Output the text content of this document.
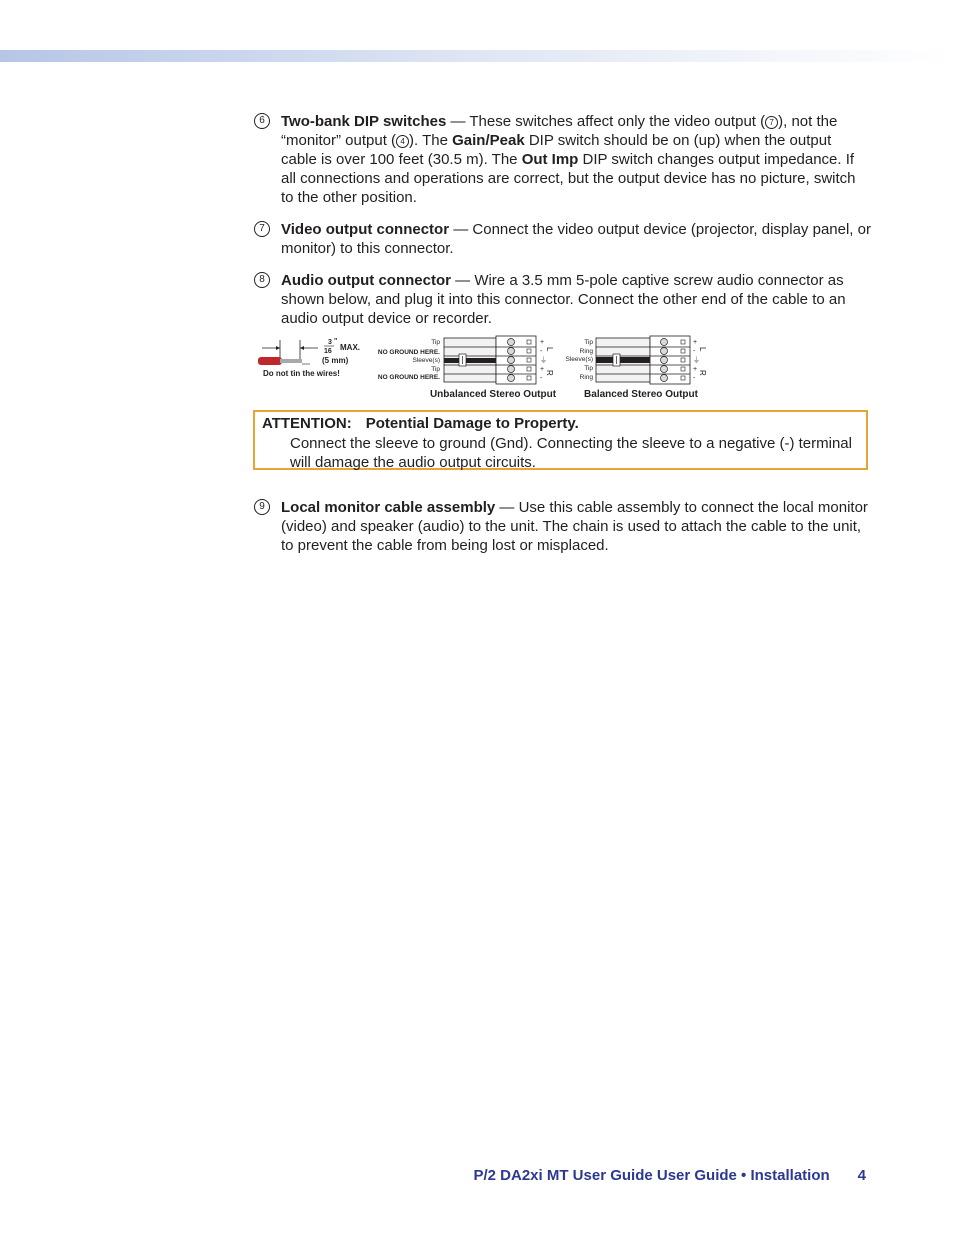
6	Two-bank DIP switches — These switches affect only the video output ( 7 ), not the “monitor” output ( 4 ). The Gain/Peak DIP switch should be on (up) when the output cable is over 100 feet (30.5 m). The Out Imp DIP switch changes output impedance. If all connections and operations are correct, but the output device has no picture, switch to the other position.
7	Video output connector — Connect the video output device (projector, display panel, or monitor) to this connector.
8	Audio output connector — Wire a 3.5 mm 5-pole captive screw audio connector as shown below, and plug it into this connector. Connect the other end of the cable to an audio output device or recorder.
3
16
"
MAX.
(5 mm)
Do not tin the wires!
Tip
NO GROUND HERE.
Sleeve(s)
Tip
NO GROUND HERE.
+
-
⏚
+
-
L
R
Tip
Ring
Sleeve(s)
Tip
Ring
+
-
⏚
+
-
L
R
Unbalanced Stereo Output	Balanced Stereo Output
ATTENTION: Potential Damage to Property.
Connect the sleeve to ground (Gnd). Connecting the sleeve to a negative (-) terminal will damage the audio output circuits.
9	Local monitor cable assembly — Use this cable assembly to connect the local monitor (video) and speaker (audio) to the unit. The chain is used to attach the cable to the unit, to prevent the cable from being lost or misplaced.
P/2 DA2xi MT User Guide User Guide • Installation 4
